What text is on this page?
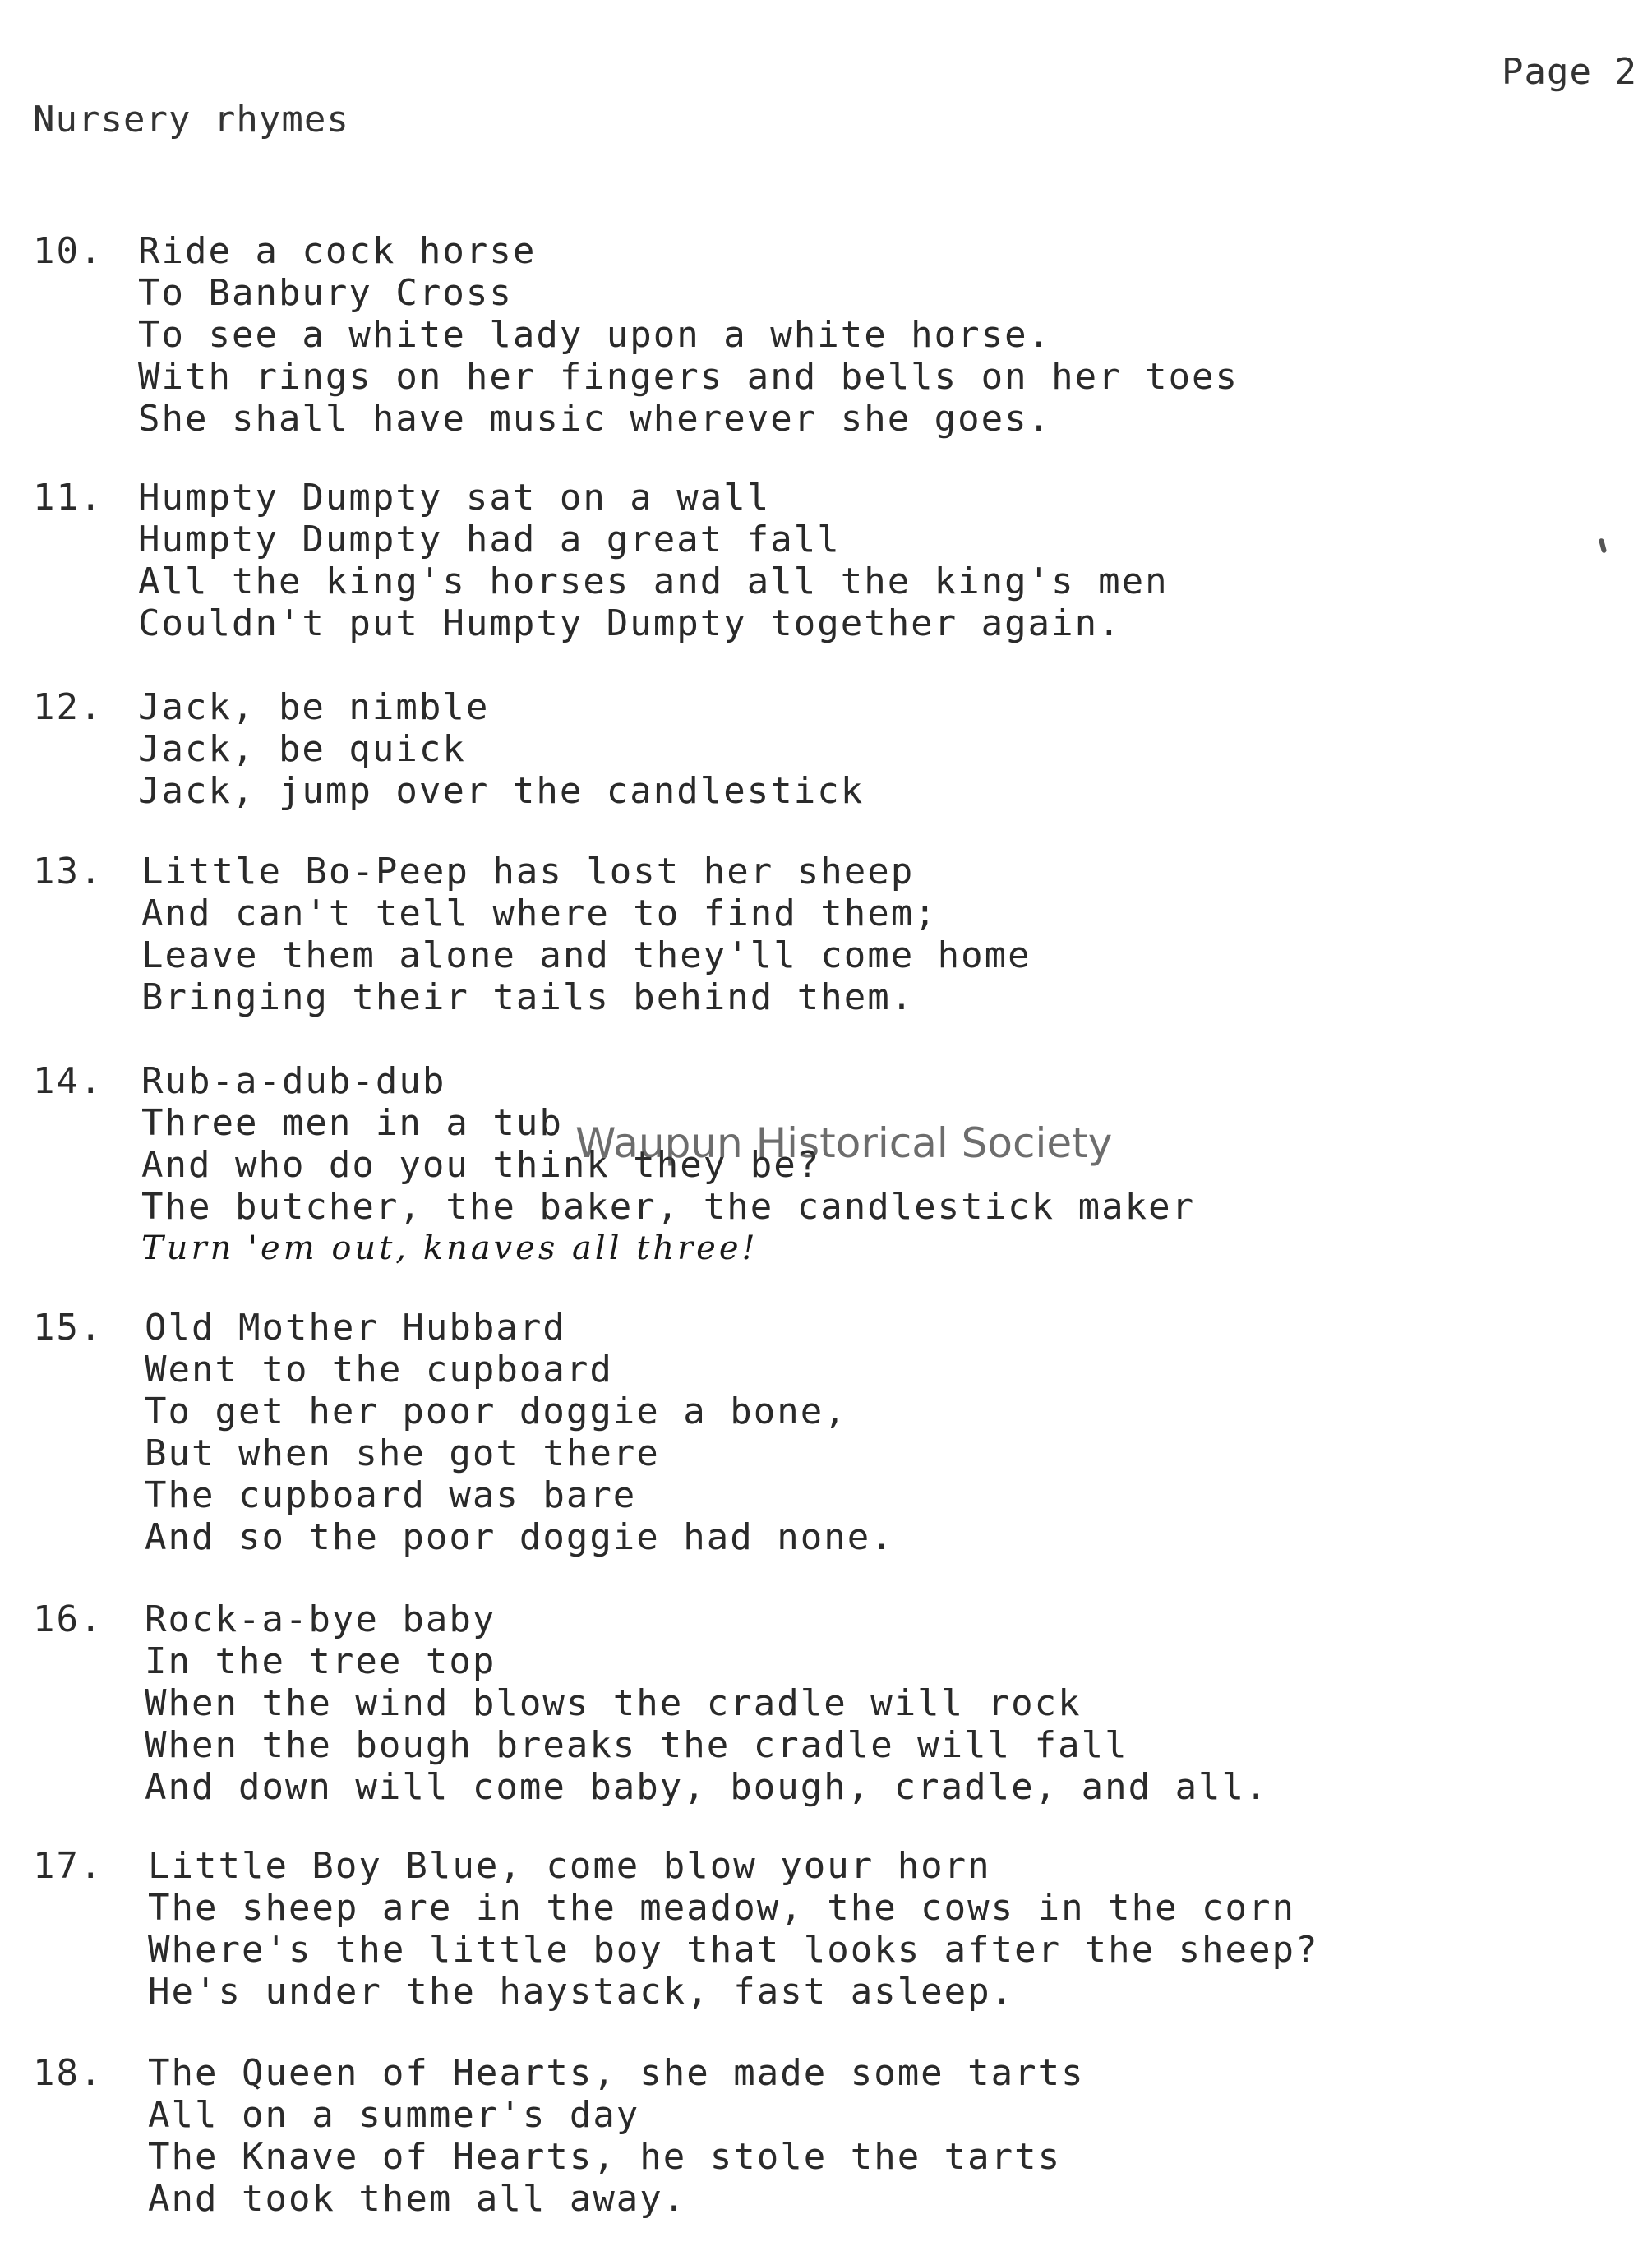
Page 2
Nursery rhymes
10. Ride a cock horse
To Banbury Cross
To see a white lady upon a white horse.
With rings on her fingers and bells on her toes
She shall have music wherever she goes.
11. Humpty Dumpty sat on a wall
Humpty Dumpty had a great fall
All the king's horses and all the king's men
Couldn't put Humpty Dumpty together again.
12. Jack, be nimble
Jack, be quick
Jack, jump over the candlestick
13. Little Bo-Peep has lost her sheep
And can't tell where to find them;
Leave them alone and they'll come home
Bringing their tails behind them.
14. Rub-a-dub-dub
Three men in a tub
And who do you think they be?
The butcher, the baker, the candlestick maker
Turn 'em out, knaves all three!
15. Old Mother Hubbard
Went to the cupboard
To get her poor doggie a bone,
But when she got there
The cupboard was bare
And so the poor doggie had none.
16. Rock-a-bye baby
In the tree top
When the wind blows the cradle will rock
When the bough breaks the cradle will fall
And down will come baby, bough, cradle, and all.
17. Little Boy Blue, come blow your horn
The sheep are in the meadow, the cows in the corn
Where's the little boy that looks after the sheep?
He's under the haystack, fast asleep.
18. The Queen of Hearts, she made some tarts
All on a summer's day
The Knave of Hearts, he stole the tarts
And took them all away.
Waupun Historical Society
